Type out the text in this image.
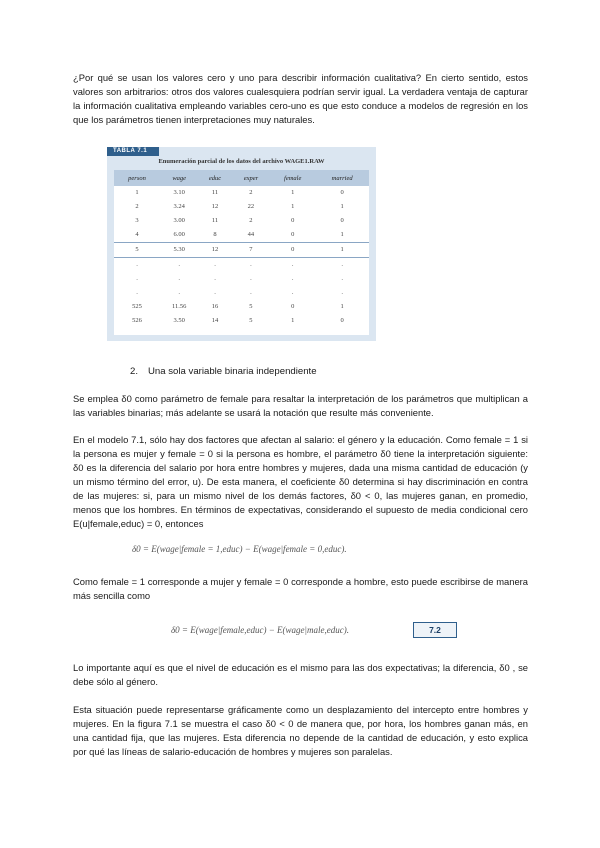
¿Por qué se usan los valores cero y uno para describir información cualitativa? En cierto sentido, estos valores son arbitrarios: otros dos valores cualesquiera podrían servir igual. La verdadera ventaja de capturar la información cualitativa empleando variables cero-uno es que esto conduce a modelos de regresión en los que los parámetros tienen interpretaciones muy naturales.

TABLA 7.1
Enumeración parcial de los datos del archivo WAGE1.RAW
person	wage	educ	exper	female	married
1	3.10	11	2	1	0
2	3.24	12	22	1	1
3	3.00	11	2	0	0
4	6.00	8	44	0	1
5	5.30	12	7	0	1
.	.	.	.	.	.
.	.	.	.	.	.
.	.	.	.	.	.
525	11.56	16	5	0	1
526	3.50	14	5	1	0

2. Una sola variable binaria independiente

Se emplea δ0 como parámetro de female para resaltar la interpretación de los parámetros que multiplican a las variables binarias; más adelante se usará la notación que resulte más conveniente.

En el modelo 7.1, sólo hay dos factores que afectan al salario: el género y la educación. Como female = 1 si la persona es mujer y female = 0 si la persona es hombre, el parámetro δ0 tiene la interpretación siguiente: δ0 es la diferencia del salario por hora entre hombres y mujeres, dada una misma cantidad de educación (y un mismo término del error, u). De esta manera, el coeficiente δ0 determina si hay discriminación en contra de las mujeres: si, para un mismo nivel de los demás factores, δ0 < 0, las mujeres ganan, en promedio, menos que los hombres. En términos de expectativas, considerando el supuesto de media condicional cero E(u|female,educ) = 0, entonces

δ0 = E(wage|female = 1,educ) − E(wage|female = 0,educ).

Como female = 1 corresponde a mujer y female = 0 corresponde a hombre, esto puede escribirse de manera más sencilla como

δ0 = E(wage|female,educ) − E(wage|male,educ).	7.2

Lo importante aquí es que el nivel de educación es el mismo para las dos expectativas; la diferencia, δ0 , se debe sólo al género.

Esta situación puede representarse gráficamente como un desplazamiento del intercepto entre hombres y mujeres. En la figura 7.1 se muestra el caso δ0 < 0 de manera que, por hora, los hombres ganan más, en una cantidad fija, que las mujeres. Esta diferencia no depende de la cantidad de educación, y esto explica por qué las líneas de salario-educación de hombres y mujeres son paralelas.
